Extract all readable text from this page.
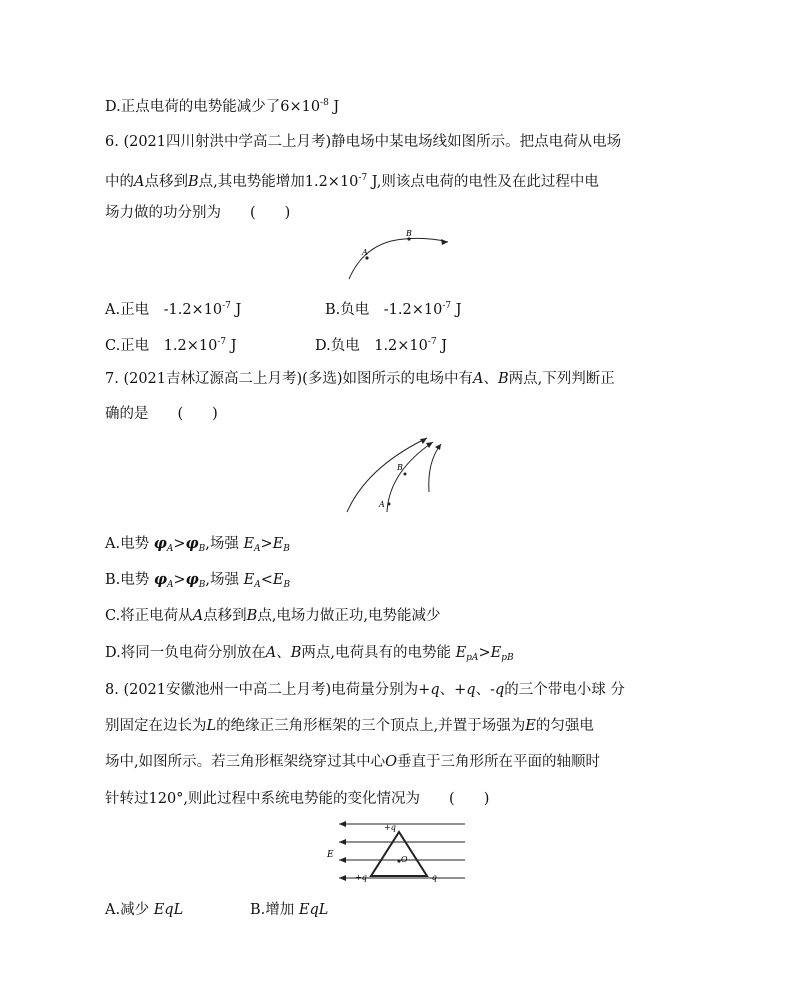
D.正点电荷的电势能减少了$6\times 10^{-8}$ J
6. (2021四川射洪中学高二上月考)静电场中某电场线如图所示。把点电荷从电场
中的A点移到B点,其电势能增加$1.2\times 10^{-7}$ J,则该点电荷的电性及在此过程中电
场力做的功分别为　　(　　)
A
B
A.正电　$-1.2\times 10^{-7}$ J	B.负电　$-1.2\times 10^{-7}$ J
C.正电　$1.2\times 10^{-7}$ J	D.负电　$1.2\times 10^{-7}$ J
7. (2021吉林辽源高二上月考)(多选)如图所示的电场中有A、B两点,下列判断正
确的是　　(　　)
A
B
A.电势 $\varphi_A>\varphi_B$,场强 $E_A>E_B$
B.电势 $\varphi_A>\varphi_B$,场强 $E_A<E_B$
C.将正电荷从A点移到B点,电场力做正功,电势能减少
D.将同一负电荷分别放在A、B两点,电荷具有的电势能 $E_{pA}>E_{pB}$
8. (2021安徽池州一中高二上月考)电荷量分别为+q、+q、-q的三个带电小球 分
别固定在边长为L的绝缘正三角形框架的三个顶点上,并置于场强为E的匀强电
场中,如图所示。若三角形框架绕穿过其中心O垂直于三角形所在平面的轴顺时
针转过120°,则此过程中系统电势能的变化情况为　　(　　)
+q
+q	-q
O
E
A.减少 EqL	B.增加 EqL
